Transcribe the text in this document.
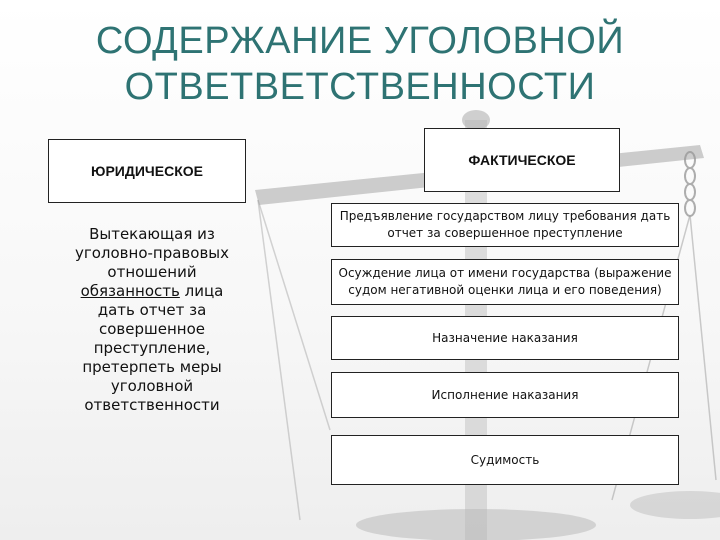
СОДЕРЖАНИЕ УГОЛОВНОЙ
ОТВЕТВЕТСТВЕННОСТИ
ЮРИДИЧЕСКОЕ
Вытекающая из уголовно-правовых отношений обязанность лица дать отчет за совершенное преступление, претерпеть меры уголовной ответственности
ФАКТИЧЕСКОЕ
Предъявление государством лицу требования дать отчет за совершенное преступление
Осуждение лица от имени государства (выражение судом негативной оценки лица и его поведения)
Назначение наказания
Исполнение наказания
Судимость
